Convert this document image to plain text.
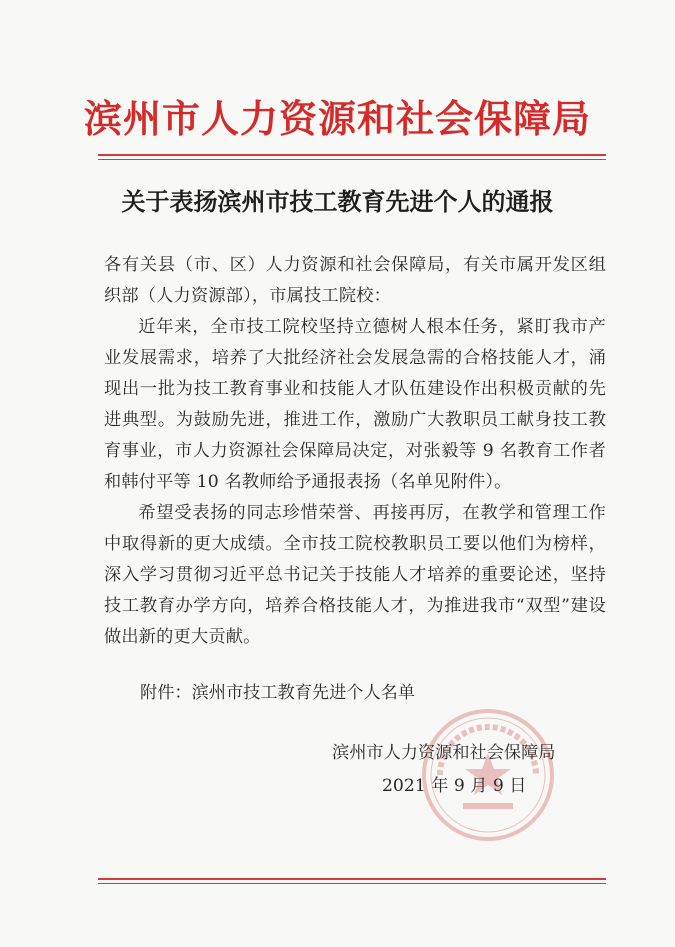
滨州市人力资源和社会保障局
关于表扬滨州市技工教育先进个人的通报

各有关县（市、区）人力资源和社会保障局，有关市属开发区组织部（人力资源部），市属技工院校：

近年来，全市技工院校坚持立德树人根本任务，紧盯我市产业发展需求，培养了大批经济社会发展急需的合格技能人才，涌现出一批为技工教育事业和技能人才队伍建设作出积极贡献的先进典型。为鼓励先进，推进工作，激励广大教职员工献身技工教育事业，市人力资源社会保障局决定，对张毅等 9 名教育工作者和韩付平等 10 名教师给予通报表扬（名单见附件）。

希望受表扬的同志珍惜荣誉、再接再厉，在教学和管理工作中取得新的更大成绩。全市技工院校教职员工要以他们为榜样，深入学习贯彻习近平总书记关于技能人才培养的重要论述，坚持技工教育办学方向，培养合格技能人才，为推进我市“双型”建设做出新的更大贡献。

附件：滨州市技工教育先进个人名单
滨州市人力资源和社会保障局
2021 年 9 月 9 日
